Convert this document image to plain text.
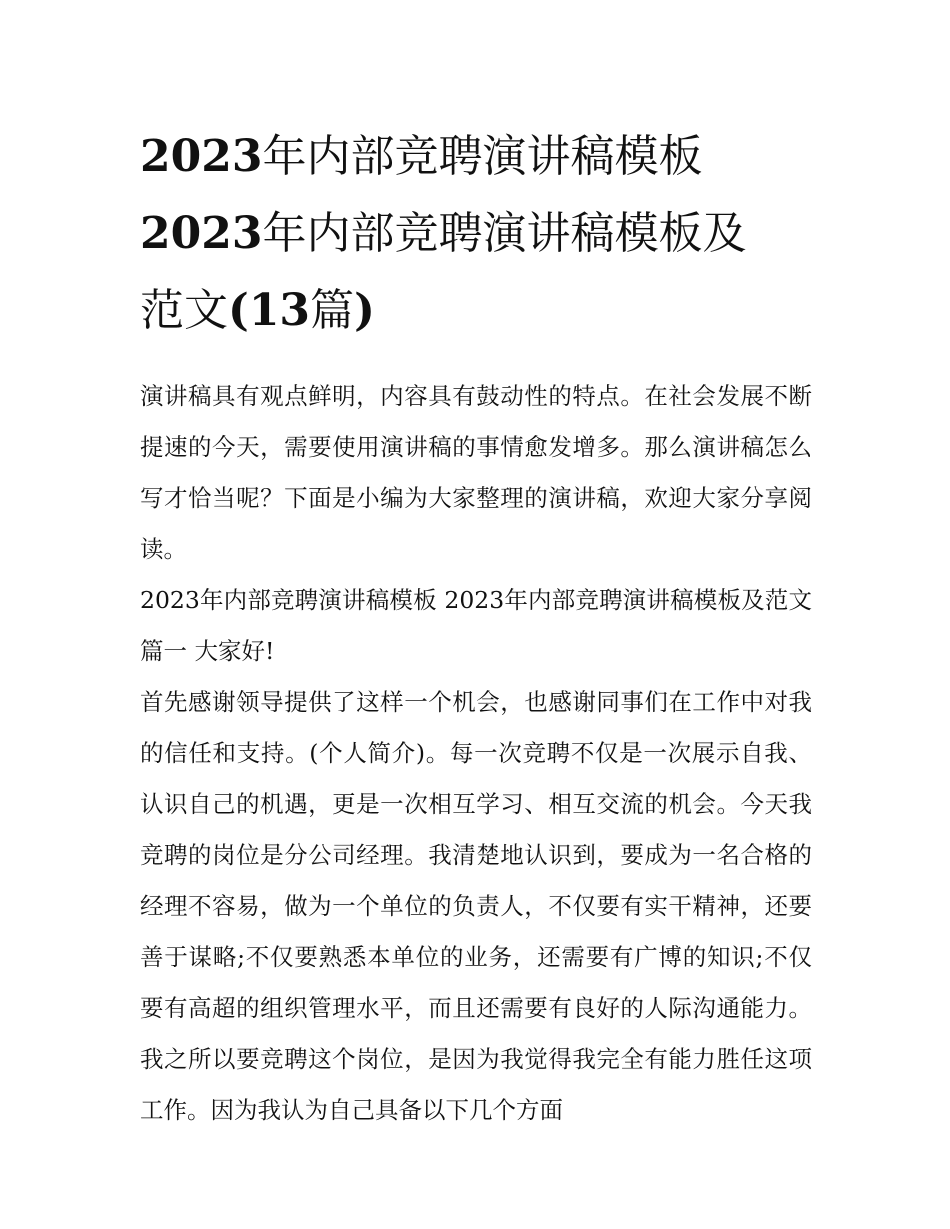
2023年内部竞聘演讲稿模板
2023年内部竞聘演讲稿模板及
范文(13篇)

演讲稿具有观点鲜明，内容具有鼓动性的特点。在社会发展不断提速的今天，需要使用演讲稿的事情愈发增多。那么演讲稿怎么写才恰当呢？下面是小编为大家整理的演讲稿，欢迎大家分享阅读。

2023年内部竞聘演讲稿模板 2023年内部竞聘演讲稿模板及范文篇一 大家好!

首先感谢领导提供了这样一个机会，也感谢同事们在工作中对我的信任和支持。(个人简介)。每一次竞聘不仅是一次展示自我、认识自己的机遇，更是一次相互学习、相互交流的机会。今天我竞聘的岗位是分公司经理。我清楚地认识到，要成为一名合格的经理不容易，做为一个单位的负责人，不仅要有实干精神，还要善于谋略;不仅要熟悉本单位的业务，还需要有广博的知识;不仅要有高超的组织管理水平，而且还需要有良好的人际沟通能力。我之所以要竞聘这个岗位，是因为我觉得我完全有能力胜任这项工作。因为我认为自己具备以下几个方面
